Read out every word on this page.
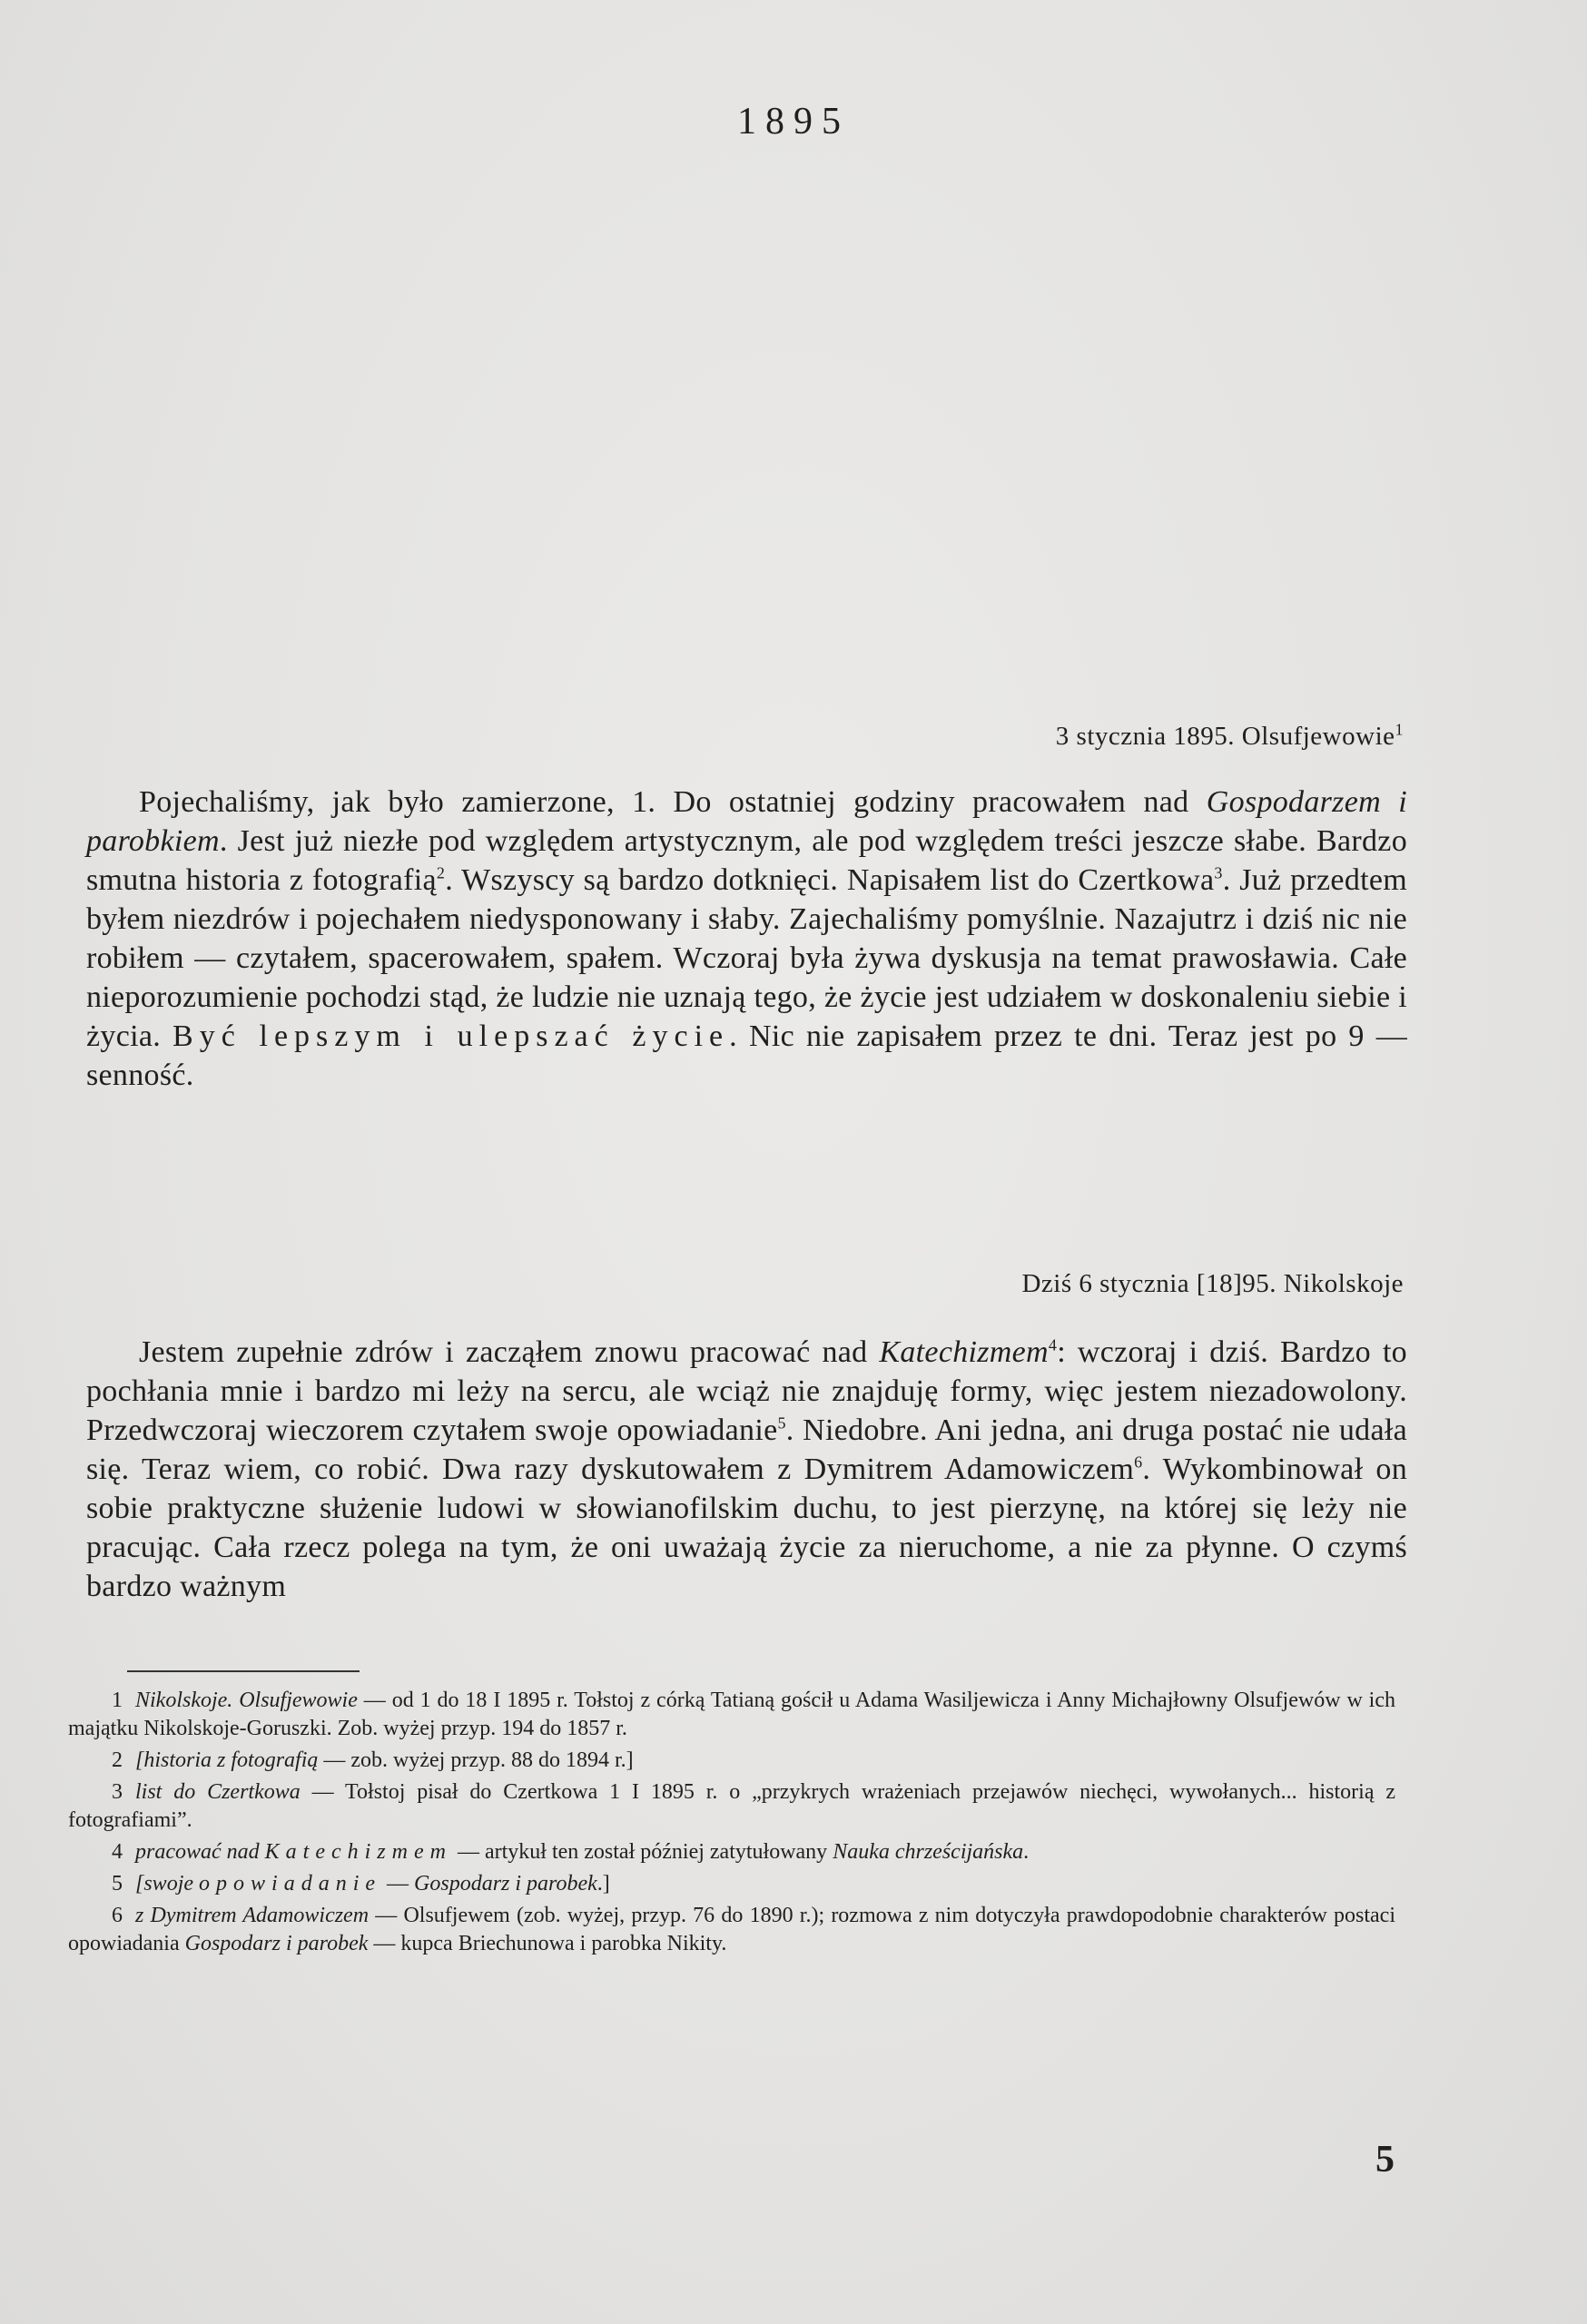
1895
3 stycznia 1895. Olsufjewowie$^1$
Pojechaliśmy, jak było zamierzone, 1. Do ostatniej godziny pracowałem nad Gospodarzem i parobkiem. Jest już niezłe pod względem artystycznym, ale pod względem treści jeszcze słabe. Bardzo smutna historia z fotografią$^2$. Wszyscy są bardzo dotknięci. Napisałem list do Czertkowa$^3$. Już przedtem byłem niezdrów i pojechałem niedysponowany i słaby. Zajechaliśmy pomyślnie. Nazajutrz i dziś nic nie robiłem — czytałem, spacerowałem, spałem. Wczoraj była żywa dyskusja na temat prawosławia. Całe nieporozumienie pochodzi stąd, że ludzie nie uznają tego, że życie jest udziałem w doskonaleniu siebie i życia. Być lepszym i ulepszać życie. Nic nie zapisałem przez te dni. Teraz jest po 9 — senność.
Dziś 6 stycznia [18]95. Nikolskoje
Jestem zupełnie zdrów i zacząłem znowu pracować nad Katechizmem$^4$: wczoraj i dziś. Bardzo to pochłania mnie i bardzo mi leży na sercu, ale wciąż nie znajduję formy, więc jestem niezadowolony. Przedwczoraj wieczorem czytałem swoje opowiadanie$^5$. Niedobre. Ani jedna, ani druga postać nie udała się. Teraz wiem, co robić. Dwa razy dyskutowałem z Dymitrem Adamowiczem$^6$. Wykombinował on sobie praktyczne służenie ludowi w słowianofilskim duchu, to jest pierzynę, na której się leży nie pracując. Cała rzecz polega na tym, że oni uważają życie za nieruchome, a nie za płynne. O czymś bardzo ważnym
1 Nikolskoje. Olsufjewowie — od 1 do 18 I 1895 r. Tołstoj z córką Tatianą gościł u Adama Wasiljewicza i Anny Michajłowny Olsufjewów w ich majątku Nikolskoje-Goruszki. Zob. wyżej przyp. 194 do 1857 r.
2 [historia z fotografią — zob. wyżej przyp. 88 do 1894 r.]
3 list do Czertkowa — Tołstoj pisał do Czertkowa 1 I 1895 r. o „przykrych wrażeniach przejawów niechęci, wywołanych... historią z fotografiami”.
4 pracować nad Katechizmem — artykuł ten został później zatytułowany Nauka chrześcijańska.
5 [swoje opowiadanie — Gospodarz i parobek.]
6 z Dymitrem Adamowiczem — Olsufjewem (zob. wyżej, przyp. 76 do 1890 r.); rozmowa z nim dotyczyła prawdopodobnie charakterów postaci opowiadania Gospodarz i parobek — kupca Briechunowa i parobka Nikity.
5
